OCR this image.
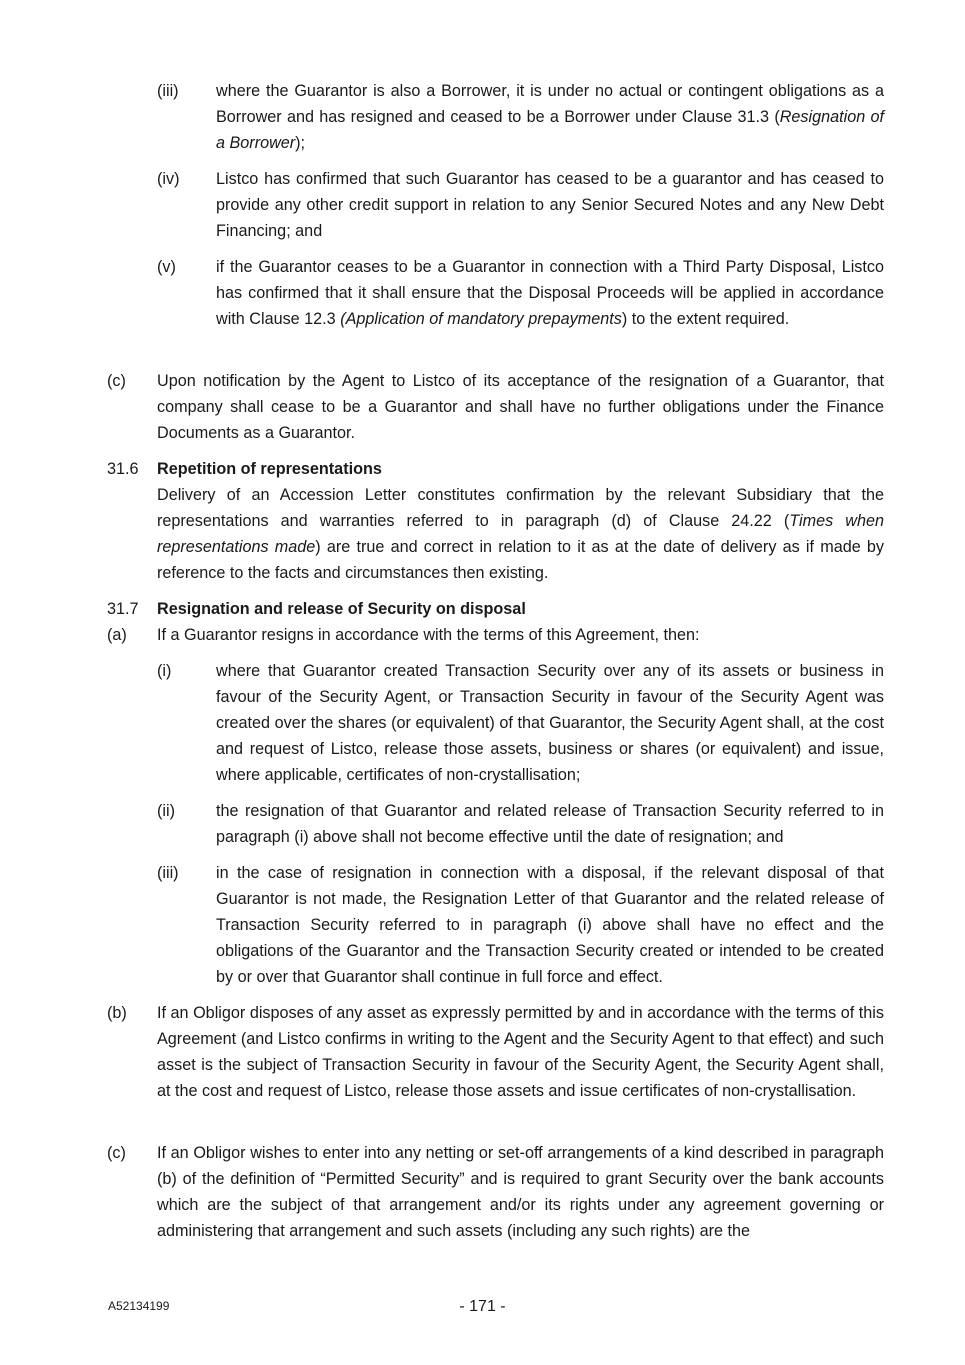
(iii) where the Guarantor is also a Borrower, it is under no actual or contingent obligations as a Borrower and has resigned and ceased to be a Borrower under Clause 31.3 (Resignation of a Borrower);
(iv) Listco has confirmed that such Guarantor has ceased to be a guarantor and has ceased to provide any other credit support in relation to any Senior Secured Notes and any New Debt Financing; and
(v) if the Guarantor ceases to be a Guarantor in connection with a Third Party Disposal, Listco has confirmed that it shall ensure that the Disposal Proceeds will be applied in accordance with Clause 12.3 (Application of mandatory prepayments) to the extent required.
(c) Upon notification by the Agent to Listco of its acceptance of the resignation of a Guarantor, that company shall cease to be a Guarantor and shall have no further obligations under the Finance Documents as a Guarantor.
31.6 Repetition of representations
Delivery of an Accession Letter constitutes confirmation by the relevant Subsidiary that the representations and warranties referred to in paragraph (d) of Clause 24.22 (Times when representations made) are true and correct in relation to it as at the date of delivery as if made by reference to the facts and circumstances then existing.
31.7 Resignation and release of Security on disposal
(a) If a Guarantor resigns in accordance with the terms of this Agreement, then:
(i)	where that Guarantor created Transaction Security over any of its assets or business in favour of the Security Agent, or Transaction Security in favour of the Security Agent was created over the shares (or equivalent) of that Guarantor, the Security Agent shall, at the cost and request of Listco, release those assets, business or shares (or equivalent) and issue, where applicable, certificates of non-crystallisation;
(ii)	the resignation of that Guarantor and related release of Transaction Security referred to in paragraph (i) above shall not become effective until the date of resignation; and
(iii) in the case of resignation in connection with a disposal, if the relevant disposal of that Guarantor is not made, the Resignation Letter of that Guarantor and the related release of Transaction Security referred to in paragraph (i) above shall have no effect and the obligations of the Guarantor and the Transaction Security created or intended to be created by or over that Guarantor shall continue in full force and effect.
(b) If an Obligor disposes of any asset as expressly permitted by and in accordance with the terms of this Agreement (and Listco confirms in writing to the Agent and the Security Agent to that effect) and such asset is the subject of Transaction Security in favour of the Security Agent, the Security Agent shall, at the cost and request of Listco, release those assets and issue certificates of non-crystallisation.
(c) If an Obligor wishes to enter into any netting or set-off arrangements of a kind described in paragraph (b) of the definition of “Permitted Security” and is required to grant Security over the bank accounts which are the subject of that arrangement and/or its rights under any agreement governing or administering that arrangement and such assets (including any such rights) are the
A52134199	- 171 -
